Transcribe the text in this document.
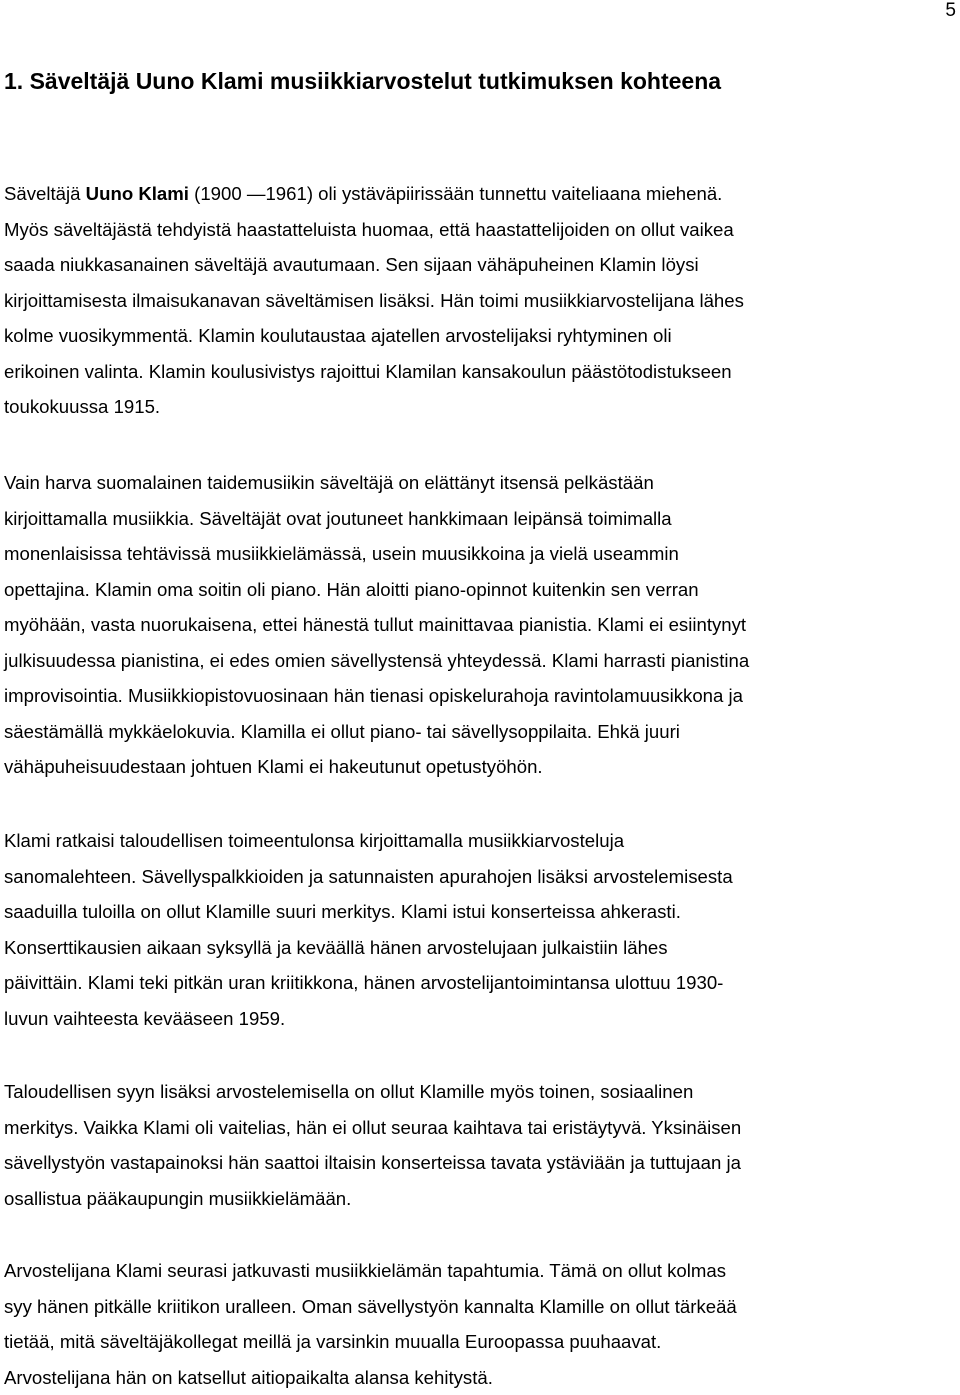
5
1. Säveltäjä Uuno Klami musiikkiarvostelut tutkimuksen kohteena

Säveltäjä Uuno Klami (1900 —1961) oli ystäväpiirissään tunnettu vaiteliaana miehenä.
Myös säveltäjästä tehdyistä haastatteluista huomaa, että haastattelijoiden on ollut vaikea
saada niukkasanainen säveltäjä avautumaan. Sen sijaan vähäpuheinen Klamin löysi
kirjoittamisesta ilmaisukanavan säveltämisen lisäksi. Hän toimi musiikkiarvostelijana lähes
kolme vuosikymmentä. Klamin koulutaustaa ajatellen arvostelijaksi ryhtyminen oli
erikoinen valinta. Klamin koulusivistys rajoittui Klamilan kansakoulun päästötodistukseen
toukokuussa 1915.

Vain harva suomalainen taidemusiikin säveltäjä on elättänyt itsensä pelkästään
kirjoittamalla musiikkia. Säveltäjät ovat joutuneet hankkimaan leipänsä toimimalla
monenlaisissa tehtävissä musiikkielämässä, usein muusikkoina ja vielä useammin
opettajina. Klamin oma soitin oli piano. Hän aloitti piano-opinnot kuitenkin sen verran
myöhään, vasta nuorukaisena, ettei hänestä tullut mainittavaa pianistia. Klami ei esiintynyt
julkisuudessa pianistina, ei edes omien sävellystensä yhteydessä. Klami harrasti pianistina
improvisointia. Musiikkiopistovuosinaan hän tienasi opiskelurahoja ravintolamuusikkona ja
säestämällä mykkäelokuvia. Klamilla ei ollut piano- tai sävellysoppilaita. Ehkä juuri
vähäpuheisuudestaan johtuen Klami ei hakeutunut opetustyöhön.

Klami ratkaisi taloudellisen toimeentulonsa kirjoittamalla musiikkiarvosteluja
sanomalehteen. Sävellyspalkkioiden ja satunnaisten apurahojen lisäksi arvostelemisesta
saaduilla tuloilla on ollut Klamille suuri merkitys. Klami istui konserteissa ahkerasti.
Konserttikausien aikaan syksyllä ja keväällä hänen arvostelujaan julkaistiin lähes
päivittäin. Klami teki pitkän uran kriitikkona, hänen arvostelijantoimintansa ulottuu 1930-
luvun vaihteesta kevääseen 1959.

Taloudellisen syyn lisäksi arvostelemisella on ollut Klamille myös toinen, sosiaalinen
merkitys. Vaikka Klami oli vaitelias, hän ei ollut seuraa kaihtava tai eristäytyvä. Yksinäisen
sävellystyön vastapainoksi hän saattoi iltaisin konserteissa tavata ystäviään ja tuttujaan ja
osallistua pääkaupungin musiikkielämään.

Arvostelijana Klami seurasi jatkuvasti musiikkielämän tapahtumia. Tämä on ollut kolmas
syy hänen pitkälle kriitikon uralleen. Oman sävellystyön kannalta Klamille on ollut tärkeää
tietää, mitä säveltäjäkollegat meillä ja varsinkin muualla Euroopassa puuhaavat.
Arvostelijana hän on katsellut aitiopaikalta alansa kehitystä.
